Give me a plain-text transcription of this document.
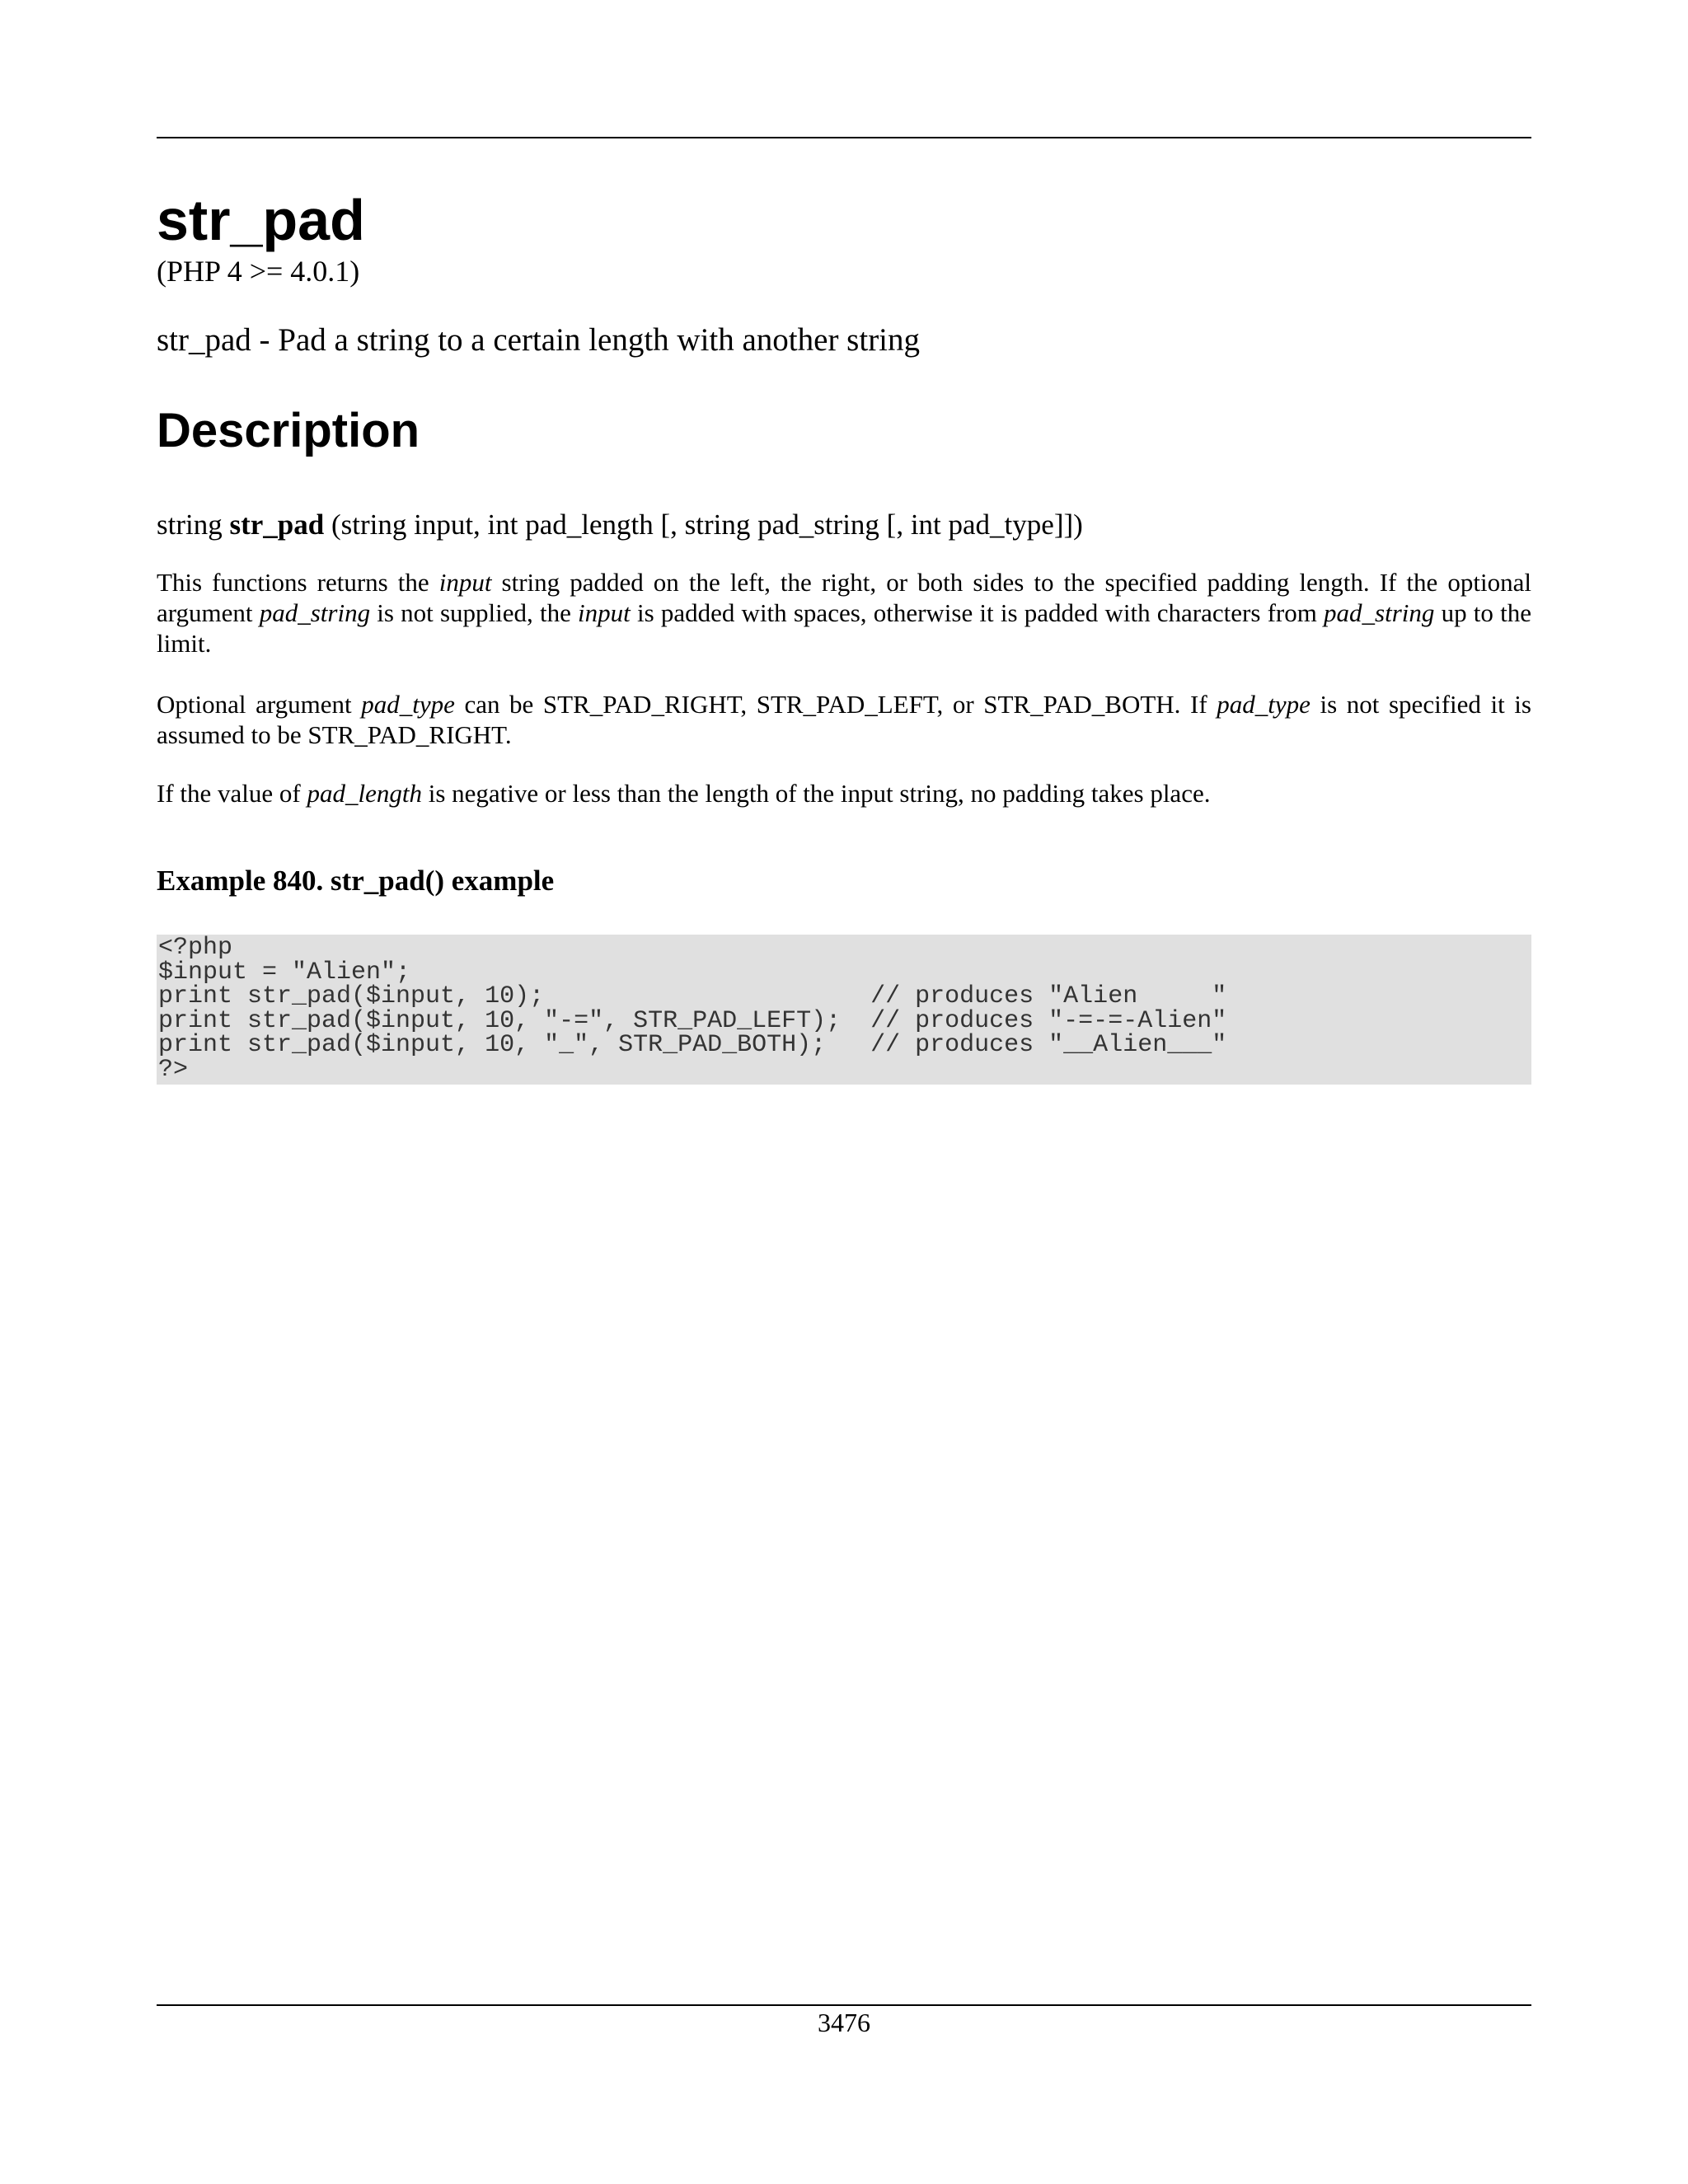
str_pad
(PHP 4 >= 4.0.1)
str_pad - Pad a string to a certain length with another string
Description
string str_pad (string input, int pad_length [, string pad_string [, int pad_type]])

This functions returns the input string padded on the left, the right, or both sides to the specified padding length. If the optional argument pad_string is not supplied, the input is padded with spaces, otherwise it is padded with characters from pad_string up to the limit.

Optional argument pad_type can be STR_PAD_RIGHT, STR_PAD_LEFT, or STR_PAD_BOTH. If pad_type is not specified it is assumed to be STR_PAD_RIGHT.

If the value of pad_length is negative or less than the length of the input string, no padding takes place.

Example 840. str_pad() example
<?php
$input = "Alien";
print str_pad($input, 10);                      // produces "Alien     "
print str_pad($input, 10, "-=", STR_PAD_LEFT);  // produces "-=-=-Alien"
print str_pad($input, 10, "_", STR_PAD_BOTH);   // produces "__Alien___"
?>
3476
